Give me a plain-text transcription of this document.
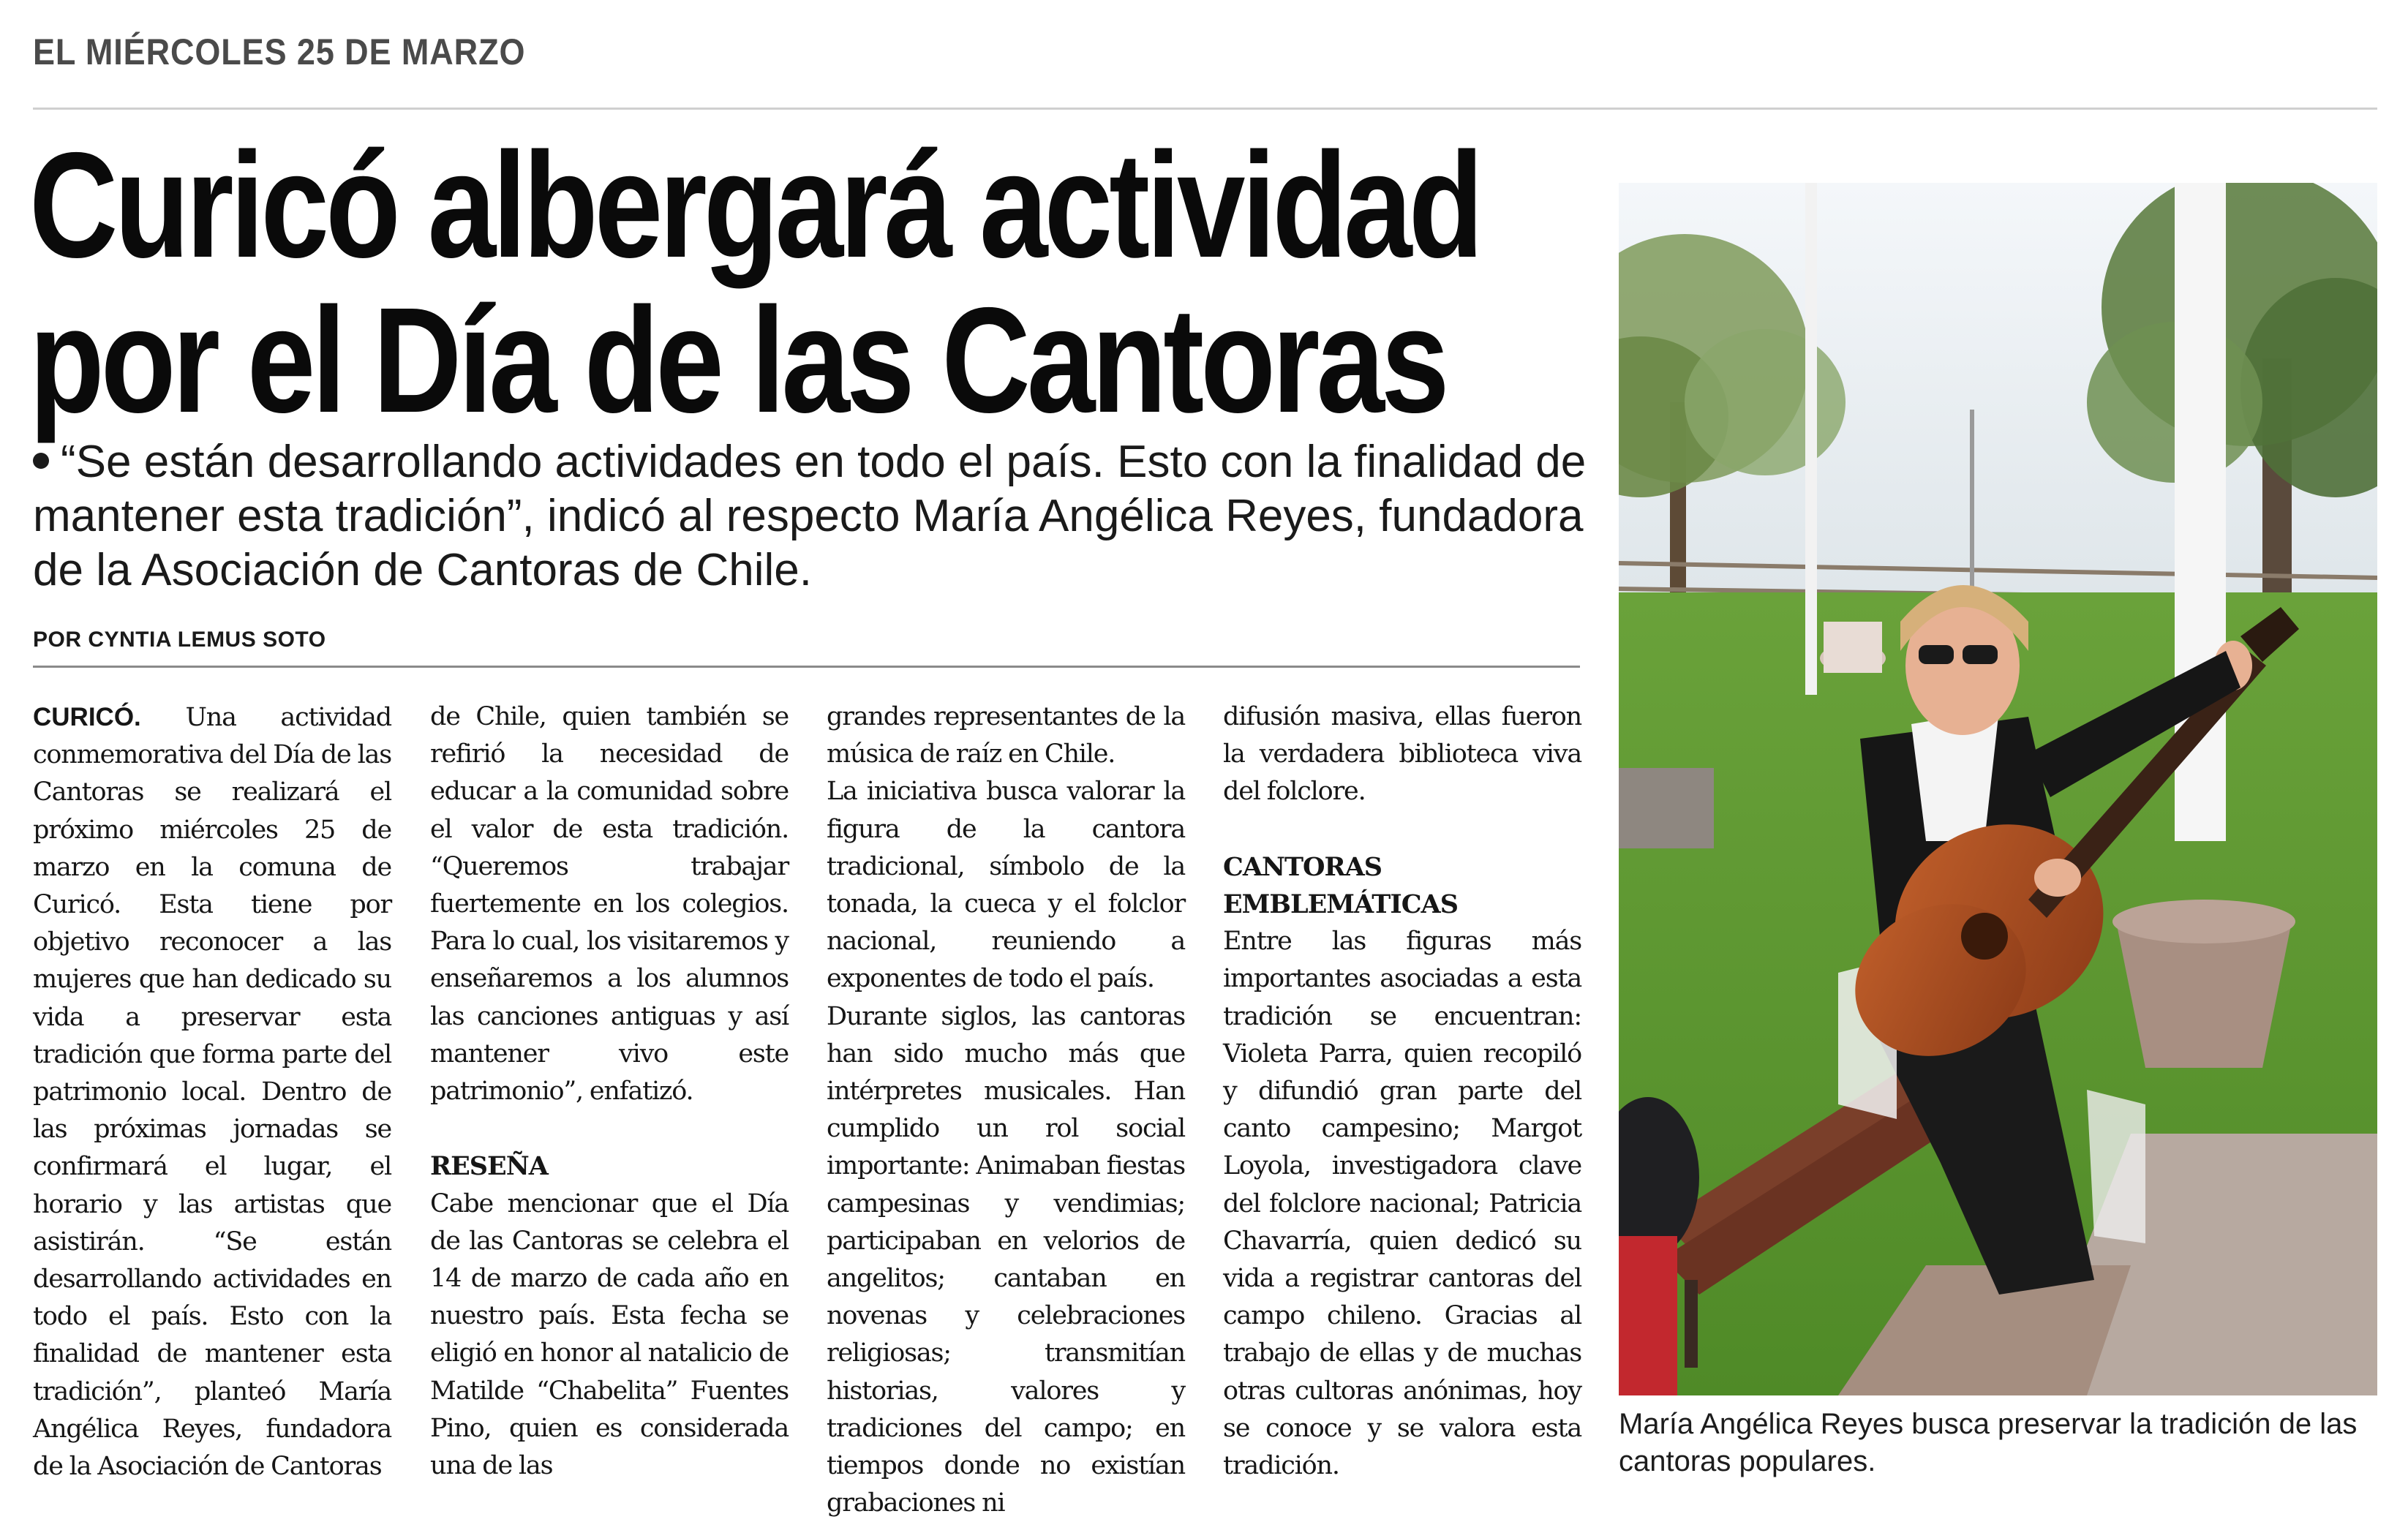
EL MIÉRCOLES 25 DE MARZO
Curicó albergará actividad
por el Día de las Cantoras

“Se están desarrollando actividades en todo el país. Esto con la finalidad de mantener esta tradición”, indicó al respecto María Angélica Reyes, fundadora de la Asociación de Cantoras de Chile.

POR CYNTIA LEMUS SOTO

CURICÓ. Una actividad conmemorativa del Día de las Cantoras se realizará el próximo miércoles 25 de marzo en la comuna de Curicó. Esta tiene por objetivo reconocer a las mujeres que han dedicado su vida a preservar esta tradición que forma parte del patrimonio local. Dentro de las próximas jornadas se confirmará el lugar, el horario y las artistas que asistirán. “Se están desarrollando actividades en todo el país. Esto con la finalidad de mantener esta tradición”, planteó María Angélica Reyes, fundadora de la Asociación de Cantoras

de Chile, quien también se refirió la necesidad de educar a la comunidad sobre el valor de esta tradición. “Queremos trabajar fuertemente en los colegios. Para lo cual, los visitaremos y enseñaremos a los alumnos las canciones antiguas y así mantener vivo este patrimonio”, enfatizó.

RESEÑA

Cabe mencionar que el Día de las Cantoras se celebra el 14 de marzo de cada año en nuestro país. Esta fecha se eligió en honor al natalicio de Matilde “Chabelita” Fuentes Pino, quien es considerada una de las

grandes representantes de la música de raíz en Chile.

La iniciativa busca valorar la figura de la cantora tradicional, símbolo de la tonada, la cueca y el folclor nacional, reuniendo a exponentes de todo el país.

Durante siglos, las cantoras han sido mucho más que intérpretes musicales. Han cumplido un rol social importante: Animaban fiestas campesinas y vendimias; participaban en velorios de angelitos; cantaban en novenas y celebraciones religiosas; transmitían historias, valores y tradiciones del campo; en tiempos donde no existían grabaciones ni

difusión masiva, ellas fueron la verdadera biblioteca viva del folclore.

CANTORAS EMBLEMÁTICAS

Entre las figuras más importantes asociadas a esta tradición se encuentran: Violeta Parra, quien recopiló y difundió gran parte del canto campesino; Margot Loyola, investigadora clave del folclore nacional; Patricia Chavarría, quien dedicó su vida a registrar cantoras del campo chileno. Gracias al trabajo de ellas y de muchas otras cultoras anónimas, hoy se conoce y se valora esta tradición.

María Angélica Reyes busca preservar la tradición de las cantoras populares.
